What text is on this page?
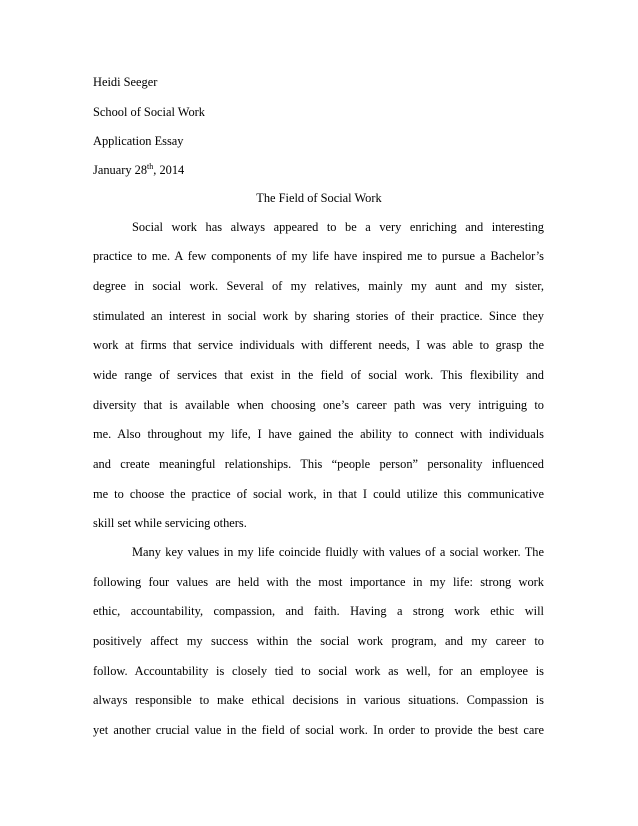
Heidi Seeger
School of Social Work
Application Essay
January 28th, 2014
The Field of Social Work
Social work has always appeared to be a very enriching and interesting
practice to me. A few components of my life have inspired me to pursue a Bachelor’s
degree in social work. Several of my relatives, mainly my aunt and my sister,
stimulated an interest in social work by sharing stories of their practice. Since they
work at firms that service individuals with different needs, I was able to grasp the
wide range of services that exist in the field of social work. This flexibility and
diversity that is available when choosing one’s career path was very intriguing to
me. Also throughout my life, I have gained the ability to connect with individuals
and create meaningful relationships. This “people person” personality influenced
me to choose the practice of social work, in that I could utilize this communicative
skill set while servicing others.
Many key values in my life coincide fluidly with values of a social worker. The
following four values are held with the most importance in my life: strong work
ethic, accountability, compassion, and faith. Having a strong work ethic will
positively affect my success within the social work program, and my career to
follow. Accountability is closely tied to social work as well, for an employee is
always responsible to make ethical decisions in various situations. Compassion is
yet another crucial value in the field of social work. In order to provide the best care
